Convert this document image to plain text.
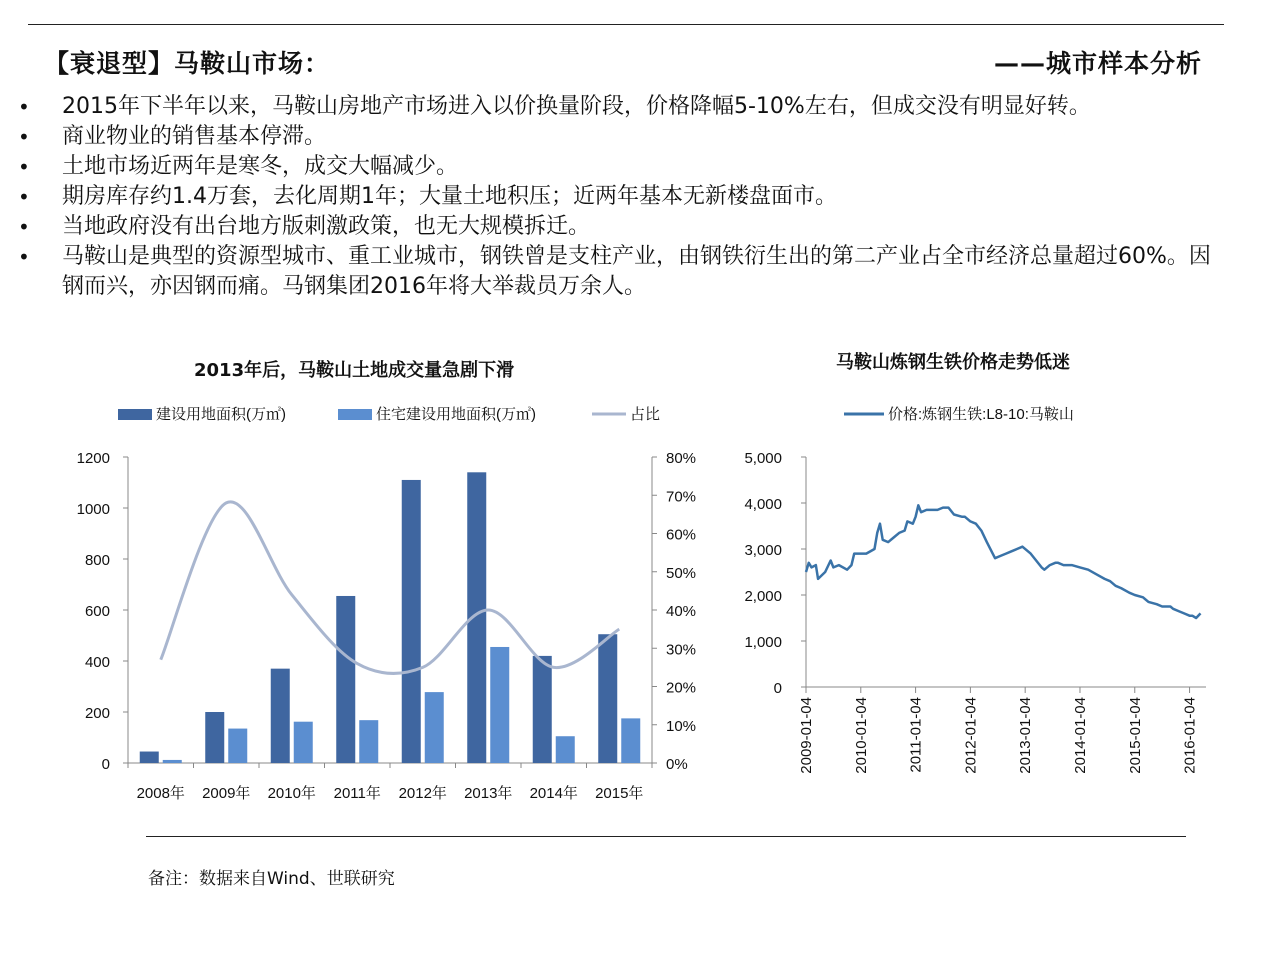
【衰退型】马鞍山市场：	——城市样本分析
• 2015年下半年以来，马鞍山房地产市场进入以价换量阶段，价格降幅5-10%左右，但成交没有明显好转。
• 商业物业的销售基本停滞。
• 土地市场近两年是寒冬，成交大幅减少。
• 期房库存约1.4万套，去化周期1年；大量土地积压；近两年基本无新楼盘面市。
• 当地政府没有出台地方版刺激政策，也无大规模拆迁。
• 马鞍山是典型的资源型城市、重工业城市，钢铁曾是支柱产业，由钢铁衍生出的第二产业占全市经济总量超过60%。因钢而兴，亦因钢而痛。马钢集团2016年将大举裁员万余人。
2013年后，马鞍山土地成交量急剧下滑	马鞍山炼钢生铁价格走势低迷
建设用地面积(万㎡)	住宅建设用地面积(万㎡)	占比
0
200
400
600
800
1000
1200
0%
10%
20%
30%
40%
50%
60%
70%
80%
2008年 2009年 2010年 2011年 2012年 2013年 2014年 2015年
价格:炼钢生铁:L8-10:马鞍山
0
1,000
2,000
3,000
4,000
5,000
2009-01-04	2010-01-04	2011-01-04	2012-01-04	2013-01-04	2014-01-04	2015-01-04	2016-01-04
备注：数据来自Wind、世联研究
